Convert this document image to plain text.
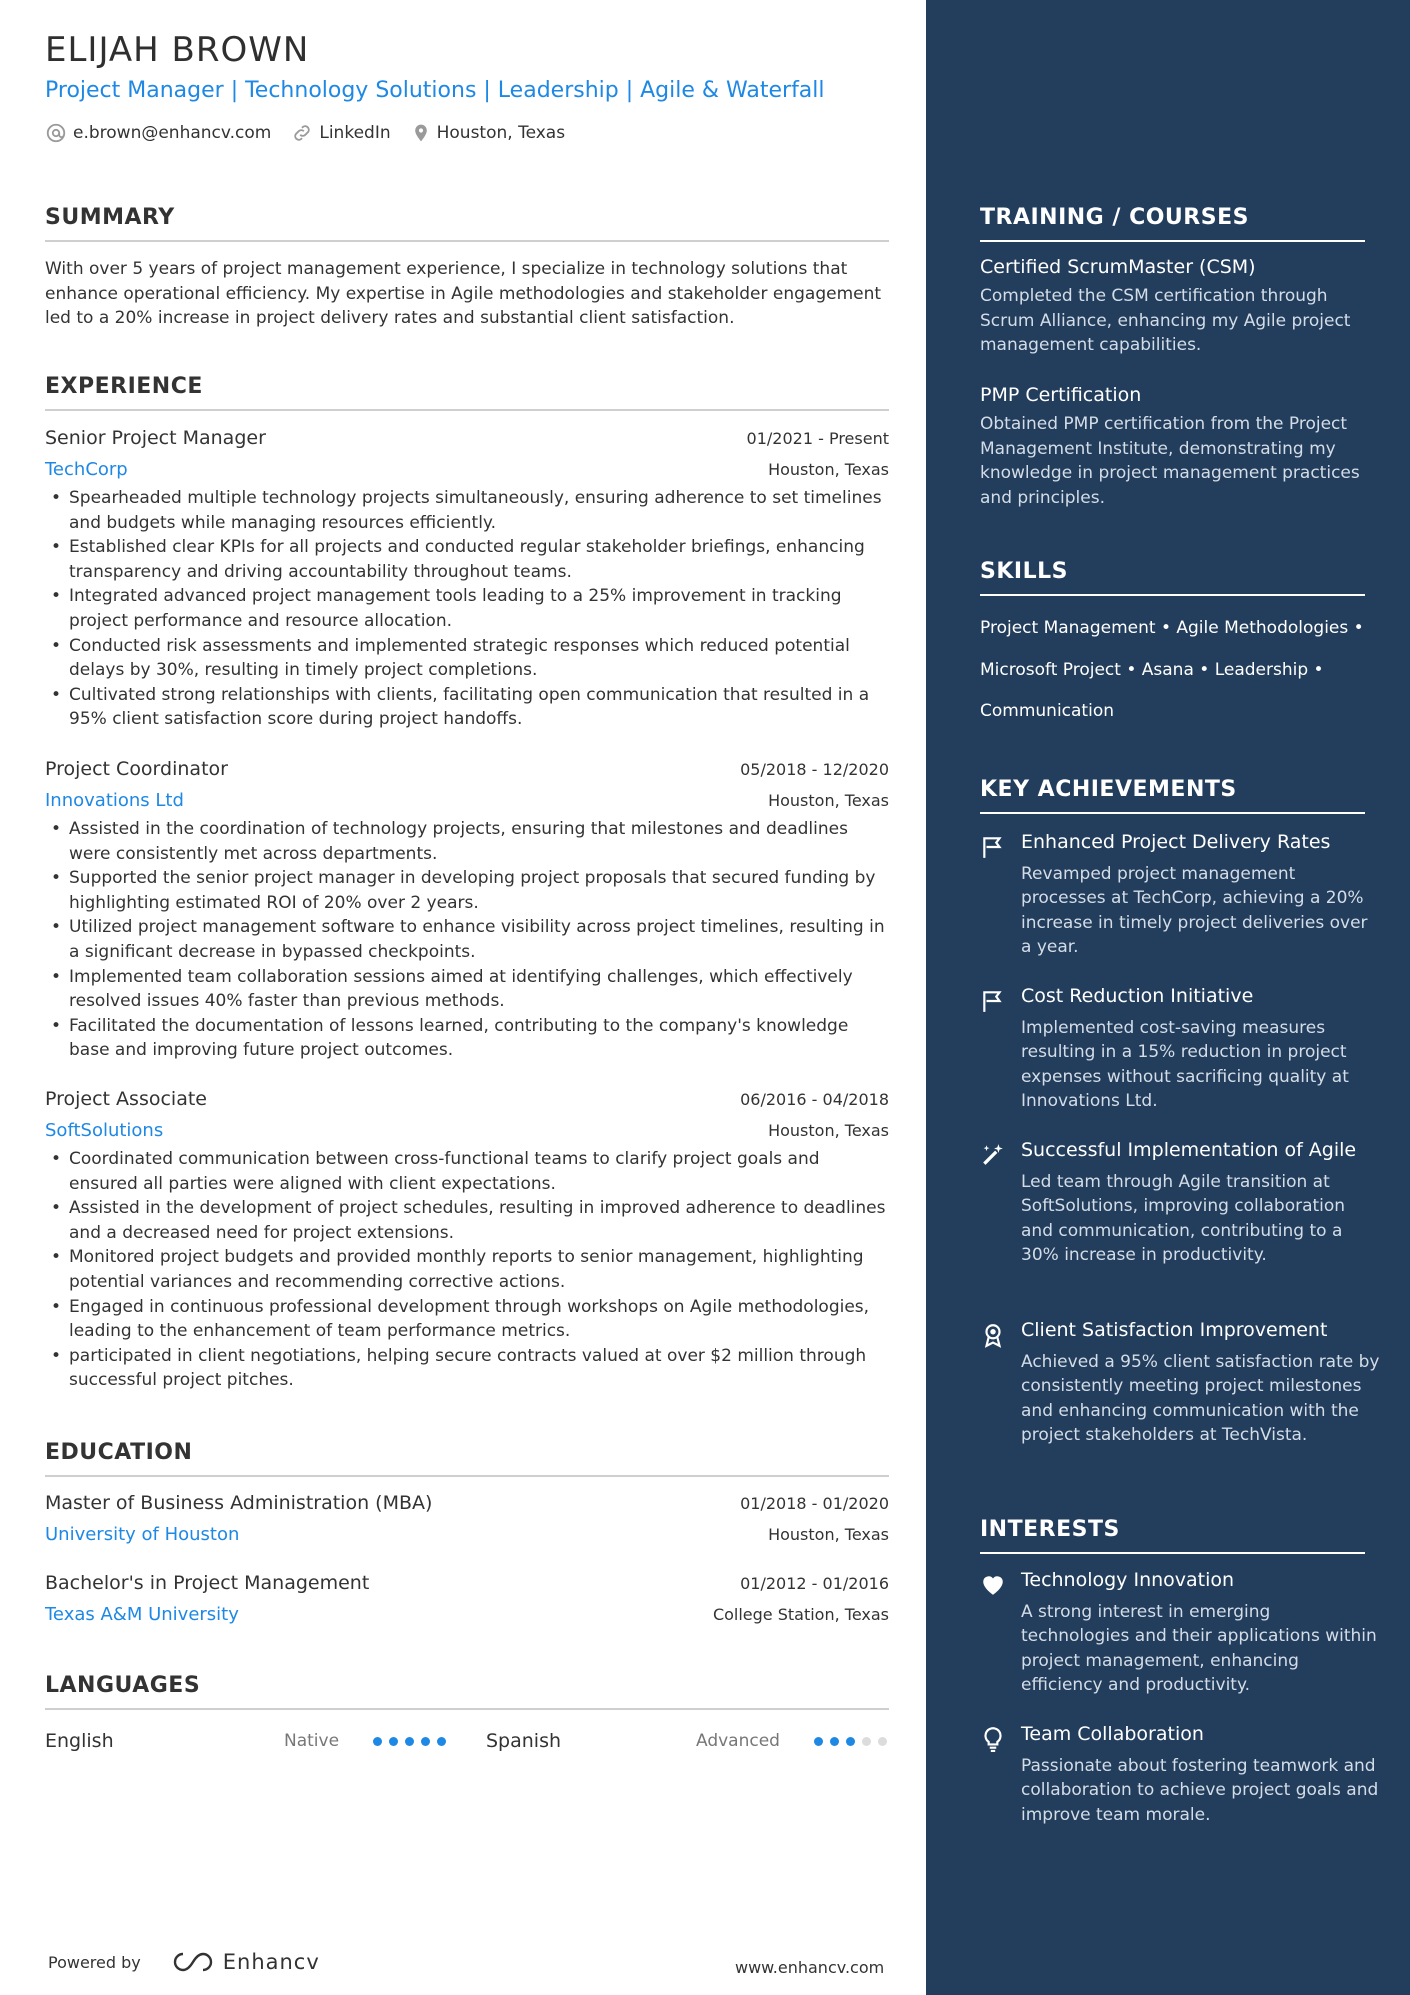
ELIJAH BROWN
Project Manager | Technology Solutions | Leadership | Agile & Waterfall
e.brown@enhancv.com	LinkedIn	Houston, Texas
SUMMARY

With over 5 years of project management experience, I specialize in technology solutions that enhance operational efficiency. My expertise in Agile methodologies and stakeholder engagement led to a 20% increase in project delivery rates and substantial client satisfaction.

EXPERIENCE
Senior Project Manager	01/2021 - Present
TechCorp	Houston, Texas
• Spearheaded multiple technology projects simultaneously, ensuring adherence to set timelines and budgets while managing resources efficiently.
• Established clear KPIs for all projects and conducted regular stakeholder briefings, enhancing transparency and driving accountability throughout teams.
• Integrated advanced project management tools leading to a 25% improvement in tracking project performance and resource allocation.
• Conducted risk assessments and implemented strategic responses which reduced potential delays by 30%, resulting in timely project completions.
• Cultivated strong relationships with clients, facilitating open communication that resulted in a 95% client satisfaction score during project handoffs.
Project Coordinator	05/2018 - 12/2020
Innovations Ltd	Houston, Texas
• Assisted in the coordination of technology projects, ensuring that milestones and deadlines were consistently met across departments.
• Supported the senior project manager in developing project proposals that secured funding by highlighting estimated ROI of 20% over 2 years.
• Utilized project management software to enhance visibility across project timelines, resulting in a significant decrease in bypassed checkpoints.
• Implemented team collaboration sessions aimed at identifying challenges, which effectively resolved issues 40% faster than previous methods.
• Facilitated the documentation of lessons learned, contributing to the company's knowledge base and improving future project outcomes.
Project Associate	06/2016 - 04/2018
SoftSolutions	Houston, Texas
• Coordinated communication between cross-functional teams to clarify project goals and ensured all parties were aligned with client expectations.
• Assisted in the development of project schedules, resulting in improved adherence to deadlines and a decreased need for project extensions.
• Monitored project budgets and provided monthly reports to senior management, highlighting potential variances and recommending corrective actions.
• Engaged in continuous professional development through workshops on Agile methodologies, leading to the enhancement of team performance metrics.
• participated in client negotiations, helping secure contracts valued at over $2 million through successful project pitches.
EDUCATION
Master of Business Administration (MBA)	01/2018 - 01/2020
University of Houston	Houston, Texas
Bachelor's in Project Management	01/2012 - 01/2016
Texas A&M University	College Station, Texas
LANGUAGES
English	Native	Spanish	Advanced
Powered by	Enhancv	www.enhancv.com
TRAINING / COURSES
Certified ScrumMaster (CSM)
Completed the CSM certification through Scrum Alliance, enhancing my Agile project management capabilities.
PMP Certification
Obtained PMP certification from the Project Management Institute, demonstrating my knowledge in project management practices and principles.
SKILLS
Project Management • Agile Methodologies •
Microsoft Project • Asana • Leadership •
Communication
KEY ACHIEVEMENTS
Enhanced Project Delivery Rates
Revamped project management processes at TechCorp, achieving a 20% increase in timely project deliveries over a year.
Cost Reduction Initiative
Implemented cost-saving measures resulting in a 15% reduction in project expenses without sacrificing quality at Innovations Ltd.
Successful Implementation of Agile
Led team through Agile transition at SoftSolutions, improving collaboration and communication, contributing to a 30% increase in productivity.
Client Satisfaction Improvement
Achieved a 95% client satisfaction rate by consistently meeting project milestones and enhancing communication with the project stakeholders at TechVista.
INTERESTS
Technology Innovation
A strong interest in emerging technologies and their applications within project management, enhancing efficiency and productivity.
Team Collaboration
Passionate about fostering teamwork and collaboration to achieve project goals and improve team morale.
